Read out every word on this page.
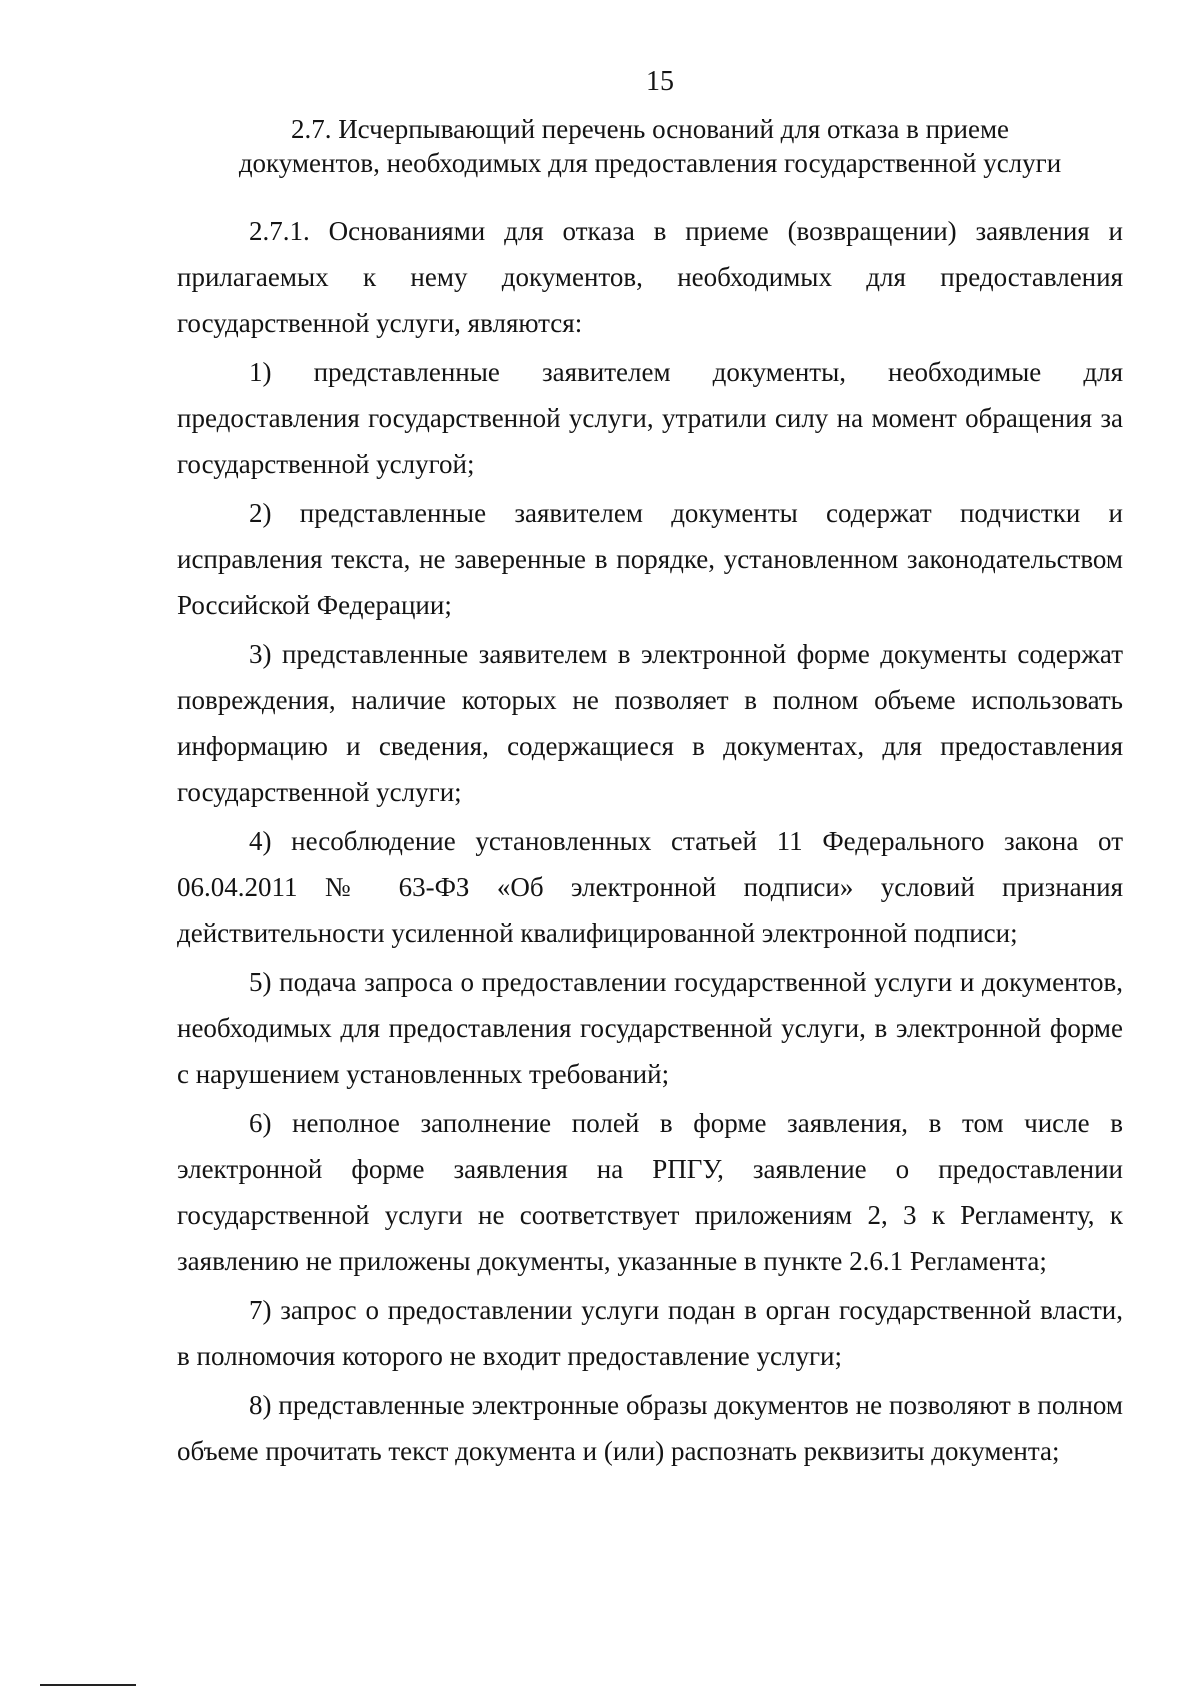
15
2.7. Исчерпывающий перечень оснований для отказа в приеме
документов, необходимых для предоставления государственной услуги

2.7.1. Основаниями для отказа в приеме (возвращении) заявления и прилагаемых к нему документов, необходимых для предоставления государственной услуги, являются:

1) представленные заявителем документы, необходимые для предоставления государственной услуги, утратили силу на момент обращения за государственной услугой;

2) представленные заявителем документы содержат подчистки и исправления текста, не заверенные в порядке, установленном законодательством Российской Федерации;

3) представленные заявителем в электронной форме документы содержат повреждения, наличие которых не позволяет в полном объеме использовать информацию и сведения, содержащиеся в документах, для предоставления государственной услуги;

4) несоблюдение установленных статьей 11 Федерального закона от 06.04.2011 № 63-ФЗ «Об электронной подписи» условий признания действительности усиленной квалифицированной электронной подписи;

5) подача запроса о предоставлении государственной услуги и документов, необходимых для предоставления государственной услуги, в электронной форме с нарушением установленных требований;

6) неполное заполнение полей в форме заявления, в том числе в электронной форме заявления на РПГУ, заявление о предоставлении государственной услуги не соответствует приложениям 2, 3 к Регламенту, к заявлению не приложены документы, указанные в пункте 2.6.1 Регламента;

7) запрос о предоставлении услуги подан в орган государственной власти, в полномочия которого не входит предоставление услуги;

8) представленные электронные образы документов не позволяют в полном объеме прочитать текст документа и (или) распознать реквизиты документа;
